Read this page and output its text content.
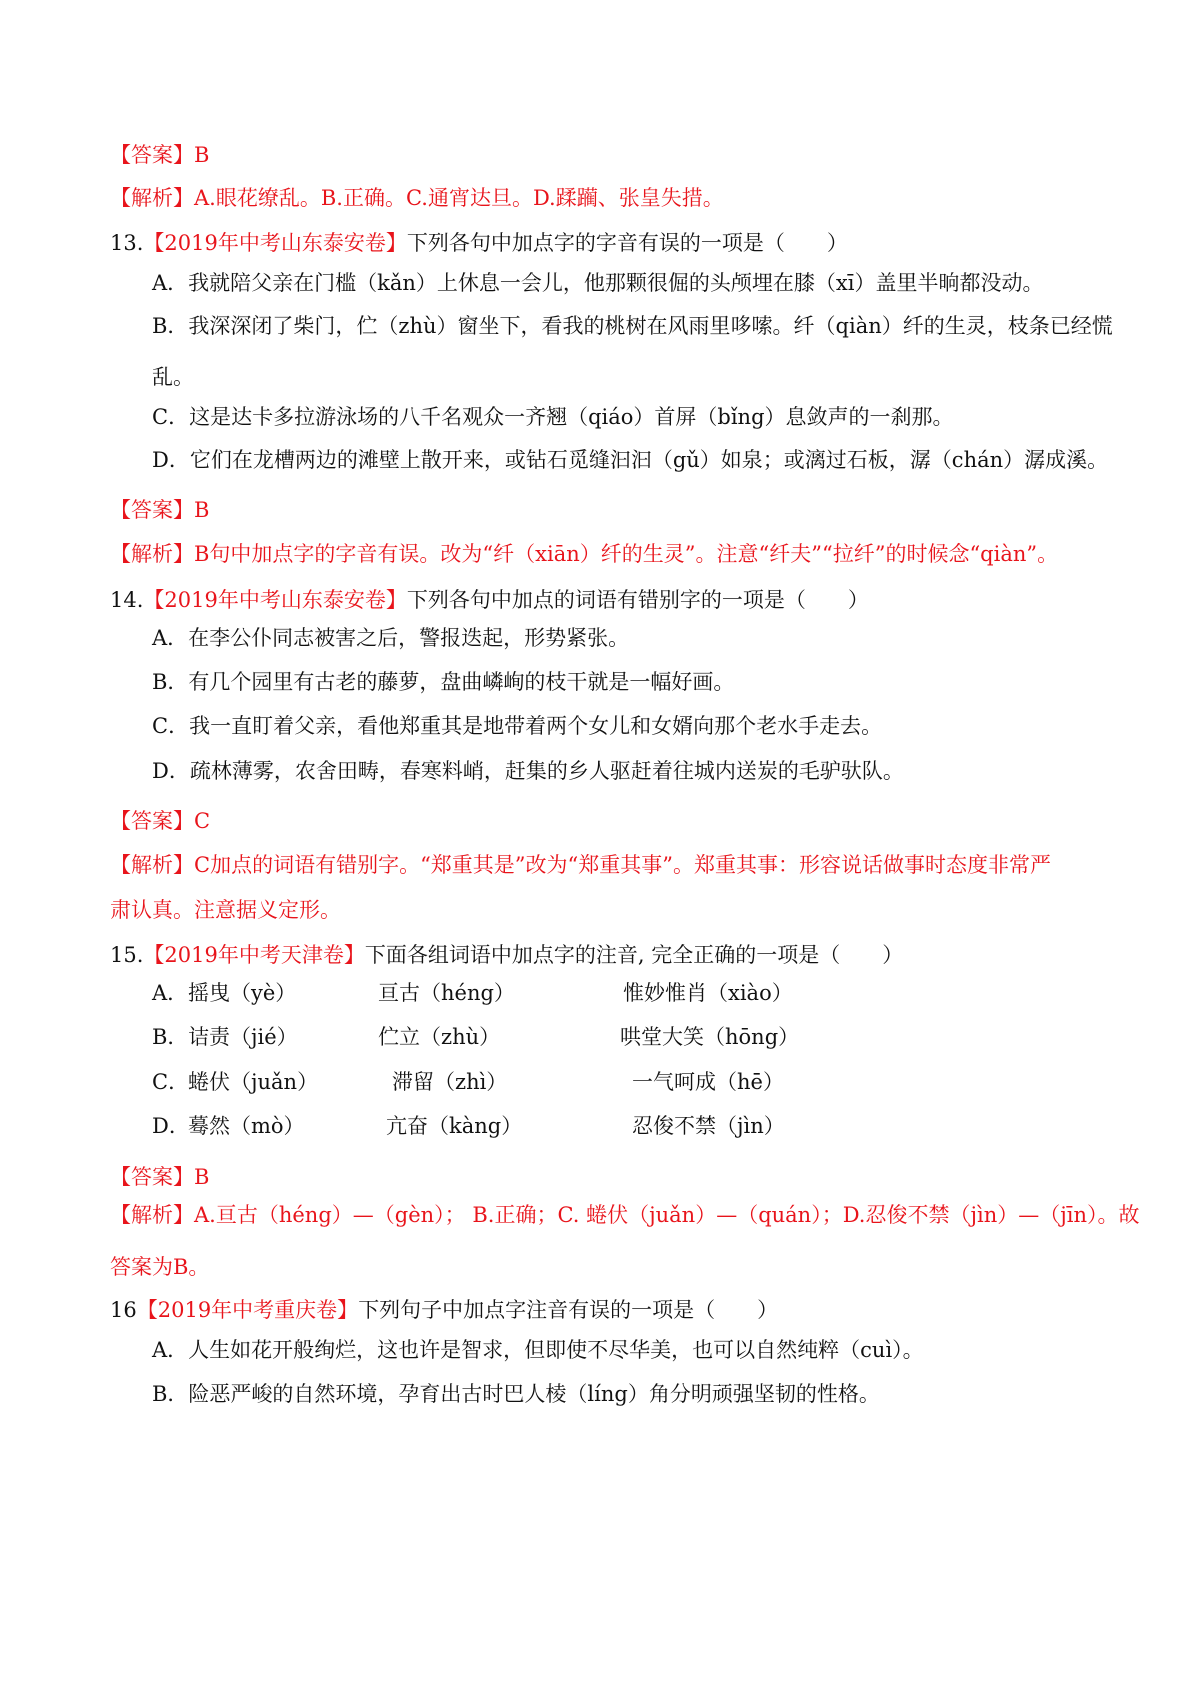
【答案】B
【解析】A.眼花缭乱。B.正确。C.通宵达旦。D.蹂躏、张皇失措。
13.【2019年中考山东泰安卷】下列各句中加点字的字音有误的一项是（　　）
A．我就陪父亲在门槛（kǎn）上休息一会儿，他那颗很倔的头颅埋在膝（xī）盖里半晌都没动。
B．我深深闭了柴门，伫（zhù）窗坐下，看我的桃树在风雨里哆嗦。纤（qiàn）纤的生灵，枝条已经慌
乱。
C．这是达卡多拉游泳场的八千名观众一齐翘（qiáo）首屏（bǐng）息敛声的一刹那。
D．它们在龙槽两边的滩壁上散开来，或钻石觅缝汩汩（gǔ）如泉；或漓过石板，潺（chán）潺成溪。
【答案】B
【解析】B句中加点字的字音有误。改为“纤（xiān）纤的生灵”。注意“纤夫”“拉纤”的时候念“qiàn”。
14.【2019年中考山东泰安卷】下列各句中加点的词语有错别字的一项是（　　）
A．在李公仆同志被害之后，警报迭起，形势紧张。
B．有几个园里有古老的藤萝，盘曲嶙峋的枝干就是一幅好画。
C．我一直盯着父亲，看他郑重其是地带着两个女儿和女婿向那个老水手走去。
D．疏林薄雾，农舍田畴，春寒料峭，赶集的乡人驱赶着往城内送炭的毛驴驮队。
【答案】C
【解析】C加点的词语有错别字。“郑重其是”改为“郑重其事”。郑重其事：形容说话做事时态度非常严
肃认真。注意据义定形。
15.【2019年中考天津卷】下面各组词语中加点字的注音, 完全正确的一项是（　　）
A． 摇曳（yè）	亘古（héng）	惟妙惟肖（xiào）
B． 诘责（jié）	伫立（zhù）	哄堂大笑（hōng）
C．
蜷伏（juǎn）	滞留（zhì）	一气呵成（hē）
D．
蓦然（mò）	亢奋（kàng）	忍俊不禁（jìn）
【答案】B
【解析】A.亘古（héng）—（gèn）； B.正确；C. 蜷伏（juǎn）—（quán）；D.忍俊不禁（jìn）—（jīn）。故
答案为B。
16【2019年中考重庆卷】下列句子中加点字注音有误的一项是（　　）
A．人生如花开般绚烂，这也许是智求，但即使不尽华美，也可以自然纯粹（cuì）。
B．险恶严峻的自然环境，孕育出古时巴人棱（líng）角分明顽强坚韧的性格。
